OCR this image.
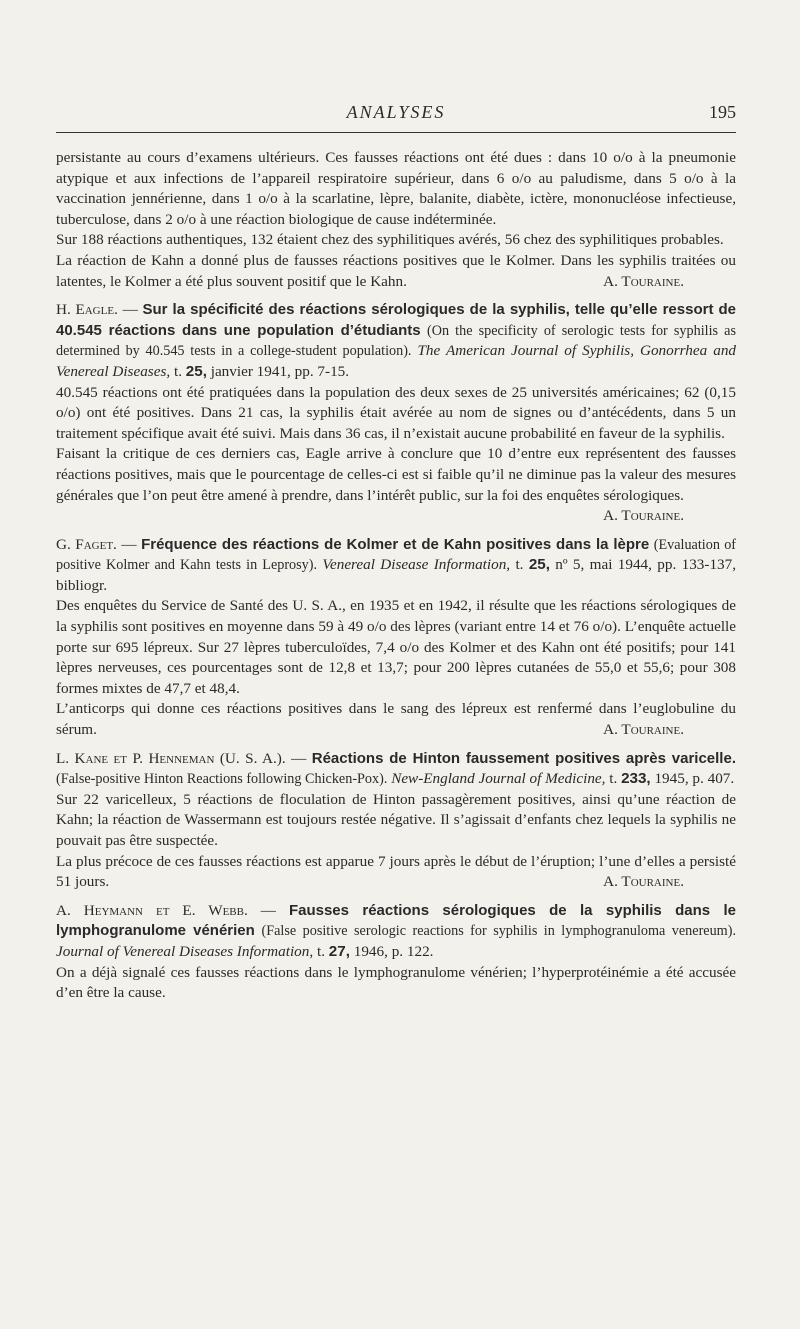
ANALYSES	195

persistante au cours d’examens ultérieurs. Ces fausses réactions ont été dues : dans 10 o/o à la pneumonie atypique et aux infections de l’appareil respiratoire supérieur, dans 6 o/o au paludisme, dans 5 o/o à la vaccination jennérienne, dans 1 o/o à la scarlatine, lèpre, balanite, diabète, ictère, mononucléose infectieuse, tuberculose, dans 2 o/o à une réaction biologique de cause indéterminée.

Sur 188 réactions authentiques, 132 étaient chez des syphilitiques avérés, 56 chez des syphilitiques probables.

La réaction de Kahn a donné plus de fausses réactions positives que le Kolmer. Dans les syphilis traitées ou latentes, le Kolmer a été plus souvent positif que le Kahn.	A. Touraine.

H. Eagle. — Sur la spécificité des réactions sérologiques de la syphilis, telle qu’elle ressort de 40.545 réactions dans une population d’étudiants (On the specificity of serologic tests for syphilis as determined by 40.545 tests in a college-student population). The American Journal of Syphilis, Gonorrhea and Venereal Diseases, t. 25, janvier 1941, pp. 7-15.

40.545 réactions ont été pratiquées dans la population des deux sexes de 25 universités américaines; 62 (0,15 o/o) ont été positives. Dans 21 cas, la syphilis était avérée au nom de signes ou d’antécédents, dans 5 un traitement spécifique avait été suivi. Mais dans 36 cas, il n’existait aucune probabilité en faveur de la syphilis.

Faisant la critique de ces derniers cas, Eagle arrive à conclure que 10 d’entre eux représentent des fausses réactions positives, mais que le pourcentage de celles-ci est si faible qu’il ne diminue pas la valeur des mesures générales que l’on peut être amené à prendre, dans l’intérêt public, sur la foi des enquêtes sérologiques.

A. Touraine.

G. Faget. — Fréquence des réactions de Kolmer et de Kahn positives dans la lèpre (Evaluation of positive Kolmer and Kahn tests in Leprosy). Venereal Disease Information, t. 25, nº 5, mai 1944, pp. 133-137, bibliogr.

Des enquêtes du Service de Santé des U. S. A., en 1935 et en 1942, il résulte que les réactions sérologiques de la syphilis sont positives en moyenne dans 59 à 49 o/o des lèpres (variant entre 14 et 76 o/o). L’enquête actuelle porte sur 695 lépreux. Sur 27 lèpres tuberculoïdes, 7,4 o/o des Kolmer et des Kahn ont été positifs; pour 141 lèpres nerveuses, ces pourcentages sont de 12,8 et 13,7; pour 200 lèpres cutanées de 55,0 et 55,6; pour 308 formes mixtes de 47,7 et 48,4.

L’anticorps qui donne ces réactions positives dans le sang des lépreux est renfermé dans l’euglobuline du sérum.	A. Touraine.

L. Kane et P. Henneman (U. S. A.). — Réactions de Hinton faussement positives après varicelle. (False-positive Hinton Reactions following Chicken-Pox). New-England Journal of Medicine, t. 233, 1945, p. 407.

Sur 22 varicelleux, 5 réactions de floculation de Hinton passagèrement positives, ainsi qu’une réaction de Kahn; la réaction de Wassermann est toujours restée négative. Il s’agissait d’enfants chez lequels la syphilis ne pouvait pas être suspectée.

La plus précoce de ces fausses réactions est apparue 7 jours après le début de l’éruption; l’une d’elles a persisté 51 jours.	A. Touraine.

A. Heymann et E. Webb. — Fausses réactions sérologiques de la syphilis dans le lymphogranulome vénérien (False positive serologic reactions for syphilis in lymphogranuloma venereum). Journal of Venereal Diseases Information, t. 27, 1946, p. 122.

On a déjà signalé ces fausses réactions dans le lymphogranulome vénérien; l’hyperprotéinémie a été accusée d’en être la cause.
